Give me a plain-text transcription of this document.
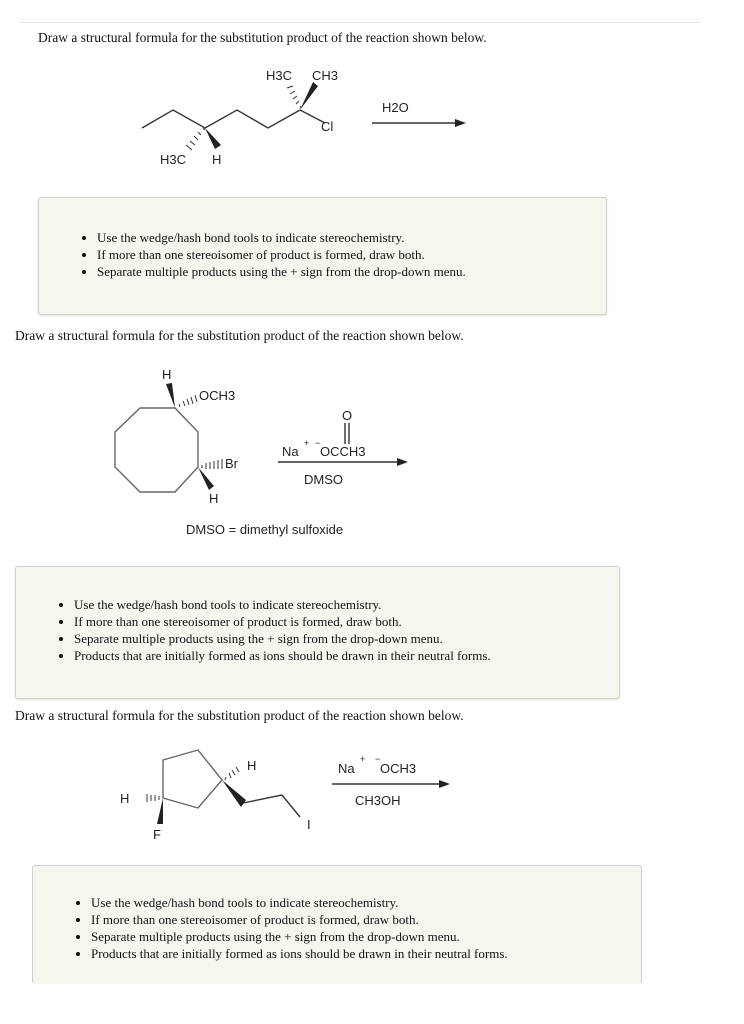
Draw a structural formula for the substitution product of the reaction shown below.
H3C CH3
Cl
H3C H
H2O
H
OCH3
Br
H
Na
+ −
OCCH3
O
DMSO
DMSO = dimethyl sulfoxide
H
F
H
I
Na
+ −
OCH3
CH3OH
• Use the wedge/hash bond tools to indicate stereochemistry.
• If more than one stereoisomer of product is formed, draw both.
• Separate multiple products using the + sign from the drop-down menu.
Draw a structural formula for the substitution product of the reaction shown below.
• Use the wedge/hash bond tools to indicate stereochemistry.
• If more than one stereoisomer of product is formed, draw both.
• Separate multiple products using the + sign from the drop-down menu.
• Products that are initially formed as ions should be drawn in their neutral forms.
Draw a structural formula for the substitution product of the reaction shown below.
• Use the wedge/hash bond tools to indicate stereochemistry.
• If more than one stereoisomer of product is formed, draw both.
• Separate multiple products using the + sign from the drop-down menu.
• Products that are initially formed as ions should be drawn in their neutral forms.
